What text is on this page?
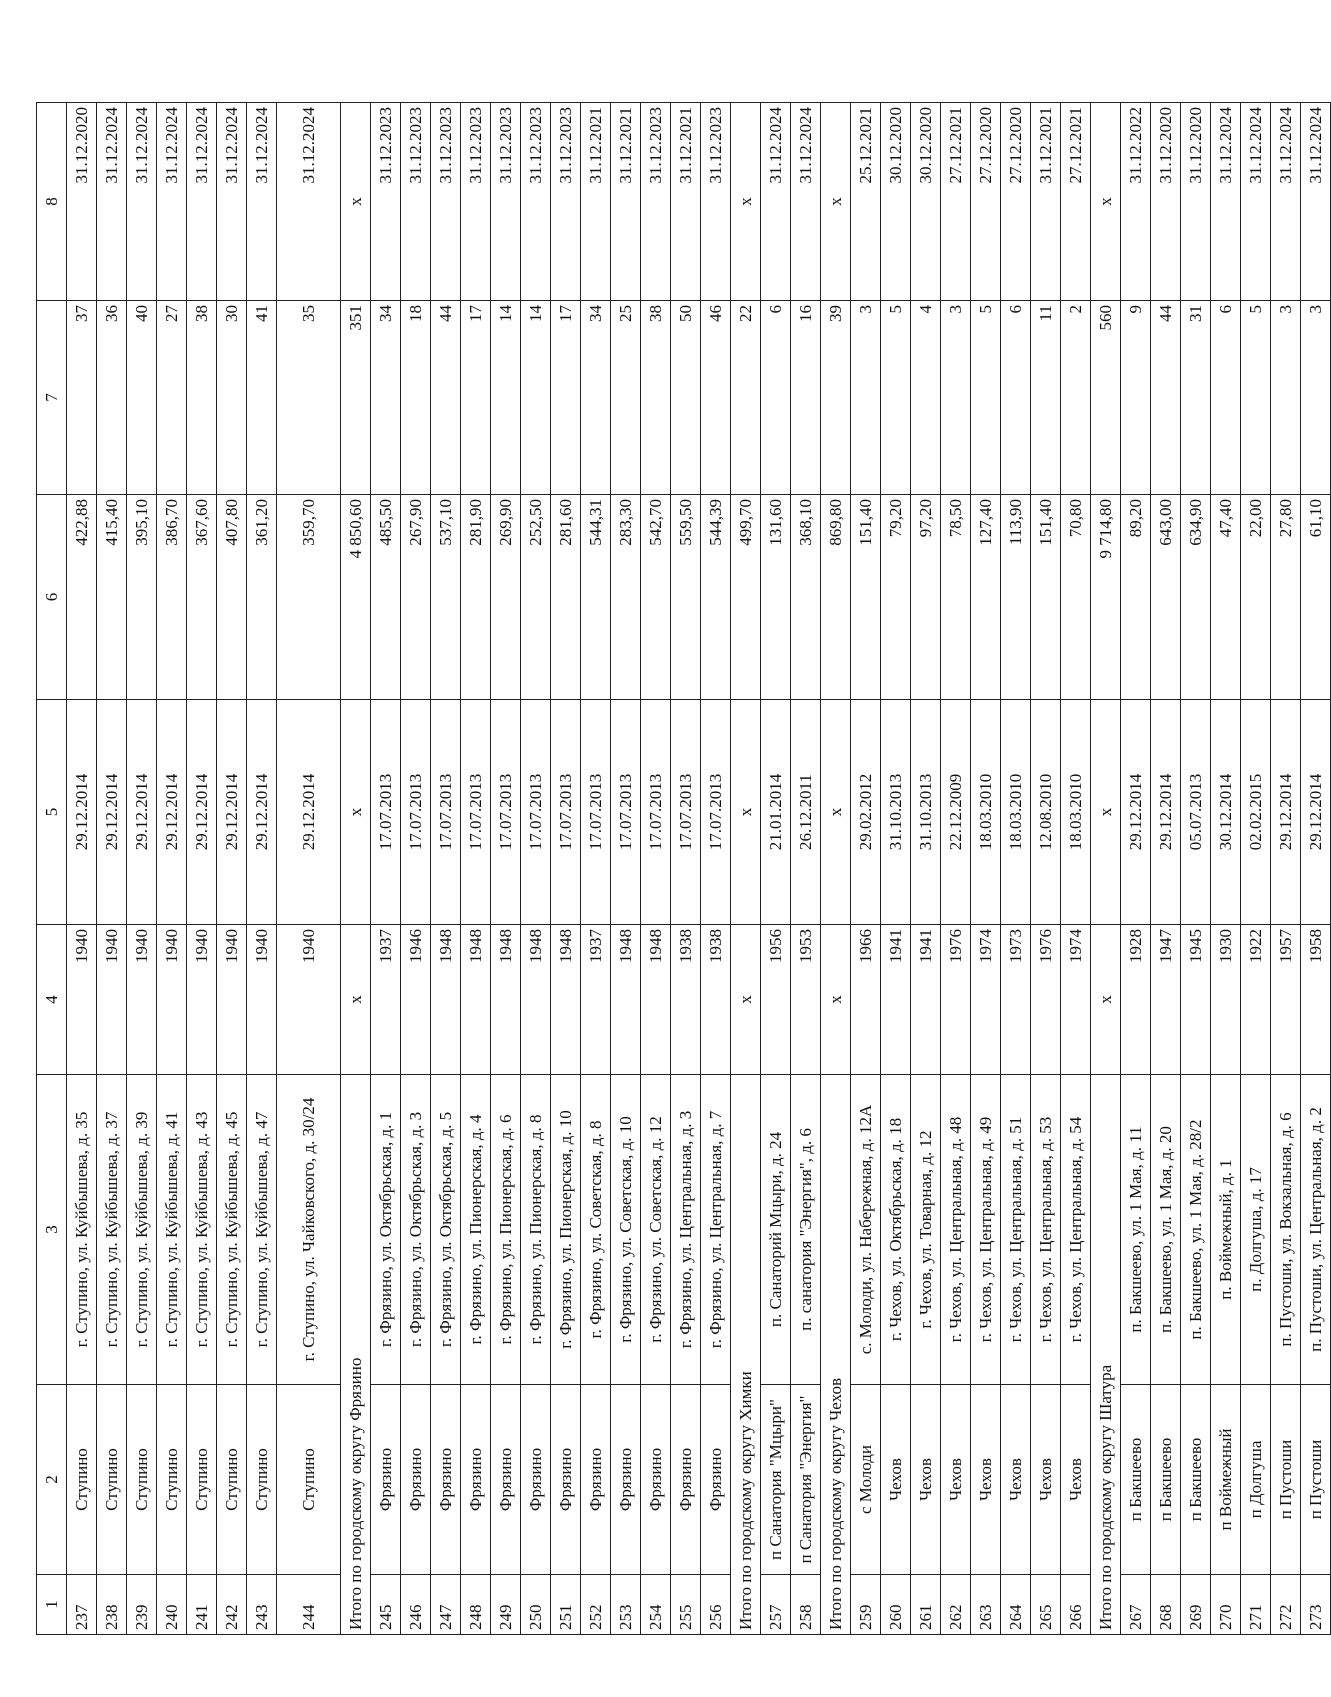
1	2	3	4	5	6	7	8
237	Ступино	г. Ступино, ул. Куйбышева, д. 35	1940	29.12.2014	422,88	37	31.12.2020
238	Ступино	г. Ступино, ул. Куйбышева, д. 37	1940	29.12.2014	415,40	36	31.12.2024
239	Ступино	г. Ступино, ул. Куйбышева, д. 39	1940	29.12.2014	395,10	40	31.12.2024
240	Ступино	г. Ступино, ул. Куйбышева, д. 41	1940	29.12.2014	386,70	27	31.12.2024
241	Ступино	г. Ступино, ул. Куйбышева, д. 43	1940	29.12.2014	367,60	38	31.12.2024
242	Ступино	г. Ступино, ул. Куйбышева, д. 45	1940	29.12.2014	407,80	30	31.12.2024
243	Ступино	г. Ступино, ул. Куйбышева, д. 47	1940	29.12.2014	361,20	41	31.12.2024
244	Ступино	г. Ступино, ул. Чайковского, д. 30/24	1940	29.12.2014	359,70	35	31.12.2024
Итого по городскому округу Фрязино			x	x	4 850,60	351	x
245	Фрязино	г. Фрязино, ул. Октябрьская, д. 1	1937	17.07.2013	485,50	34	31.12.2023
246	Фрязино	г. Фрязино, ул. Октябрьская, д. 3	1946	17.07.2013	267,90	18	31.12.2023
247	Фрязино	г. Фрязино, ул. Октябрьская, д. 5	1948	17.07.2013	537,10	44	31.12.2023
248	Фрязино	г. Фрязино, ул. Пионерская, д. 4	1948	17.07.2013	281,90	17	31.12.2023
249	Фрязино	г. Фрязино, ул. Пионерская, д. 6	1948	17.07.2013	269,90	14	31.12.2023
250	Фрязино	г. Фрязино, ул. Пионерская, д. 8	1948	17.07.2013	252,50	14	31.12.2023
251	Фрязино	г. Фрязино, ул. Пионерская, д. 10	1948	17.07.2013	281,60	17	31.12.2023
252	Фрязино	г. Фрязино, ул. Советская, д. 8	1937	17.07.2013	544,31	34	31.12.2021
253	Фрязино	г. Фрязино, ул. Советская, д. 10	1948	17.07.2013	283,30	25	31.12.2021
254	Фрязино	г. Фрязино, ул. Советская, д. 12	1948	17.07.2013	542,70	38	31.12.2023
255	Фрязино	г. Фрязино, ул. Центральная, д. 3	1938	17.07.2013	559,50	50	31.12.2021
256	Фрязино	г. Фрязино, ул. Центральная, д. 7	1938	17.07.2013	544,39	46	31.12.2023
Итого по городскому округу Химки			x	x	499,70	22	x
257	п Санатория "Мцыри"	п. Санаторий Мцыри, д. 24	1956	21.01.2014	131,60	6	31.12.2024
258	п Санатория "Энергия"	п. санатория "Энергия", д. 6	1953	26.12.2011	368,10	16	31.12.2024
Итого по городскому округу Чехов			x	x	869,80	39	x
259	с Молоди	с. Молоди, ул. Набережная, д. 12А	1966	29.02.2012	151,40	3	25.12.2021
260	Чехов	г. Чехов, ул. Октябрьская, д. 18	1941	31.10.2013	79,20	5	30.12.2020
261	Чехов	г. Чехов, ул. Товарная, д. 12	1941	31.10.2013	97,20	4	30.12.2020
262	Чехов	г. Чехов, ул. Центральная, д. 48	1976	22.12.2009	78,50	3	27.12.2021
263	Чехов	г. Чехов, ул. Центральная, д. 49	1974	18.03.2010	127,40	5	27.12.2020
264	Чехов	г. Чехов, ул. Центральная, д. 51	1973	18.03.2010	113,90	6	27.12.2020
265	Чехов	г. Чехов, ул. Центральная, д. 53	1976	12.08.2010	151,40	11	31.12.2021
266	Чехов	г. Чехов, ул. Центральная, д. 54	1974	18.03.2010	70,80	2	27.12.2021
Итого по городскому округу Шатура			x	x	9 714,80	560	x
267	п Бакшеево	п. Бакшеево, ул. 1 Мая, д. 11	1928	29.12.2014	89,20	9	31.12.2022
268	п Бакшеево	п. Бакшеево, ул. 1 Мая, д. 20	1947	29.12.2014	643,00	44	31.12.2020
269	п Бакшеево	п. Бакшеево, ул. 1 Мая, д. 28/2	1945	05.07.2013	634,90	31	31.12.2020
270	п Воймежный	п. Воймежный, д. 1	1930	30.12.2014	47,40	6	31.12.2024
271	п Долгуша	п. Долгуша, д. 17	1922	02.02.2015	22,00	5	31.12.2024
272	п Пустоши	п. Пустоши, ул. Вокзальная, д. 6	1957	29.12.2014	27,80	3	31.12.2024
273	п Пустоши	п. Пустоши, ул. Центральная, д. 2	1958	29.12.2014	61,10	3	31.12.2024
